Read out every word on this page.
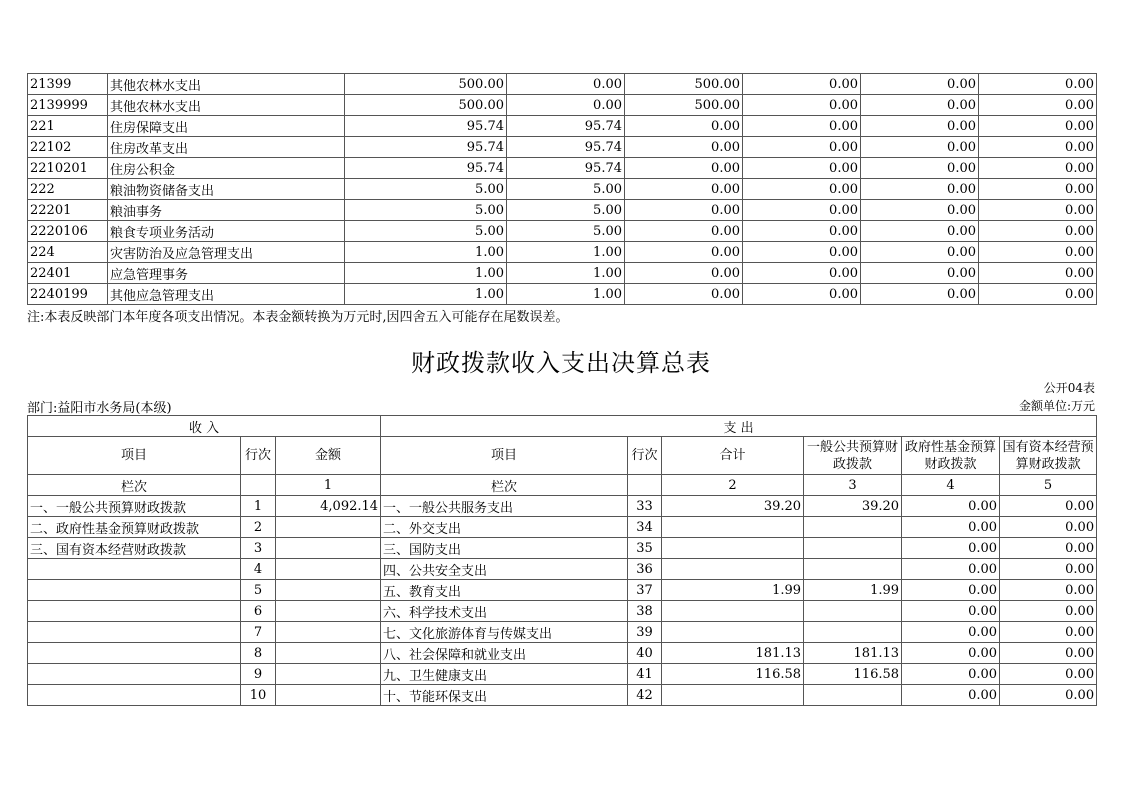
21399	其他农林水支出	500.00	0.00	500.00	0.00	0.00	0.00
2139999	其他农林水支出	500.00	0.00	500.00	0.00	0.00	0.00
221	住房保障支出	95.74	95.74	0.00	0.00	0.00	0.00
22102	住房改革支出	95.74	95.74	0.00	0.00	0.00	0.00
2210201	住房公积金	95.74	95.74	0.00	0.00	0.00	0.00
222	粮油物资储备支出	5.00	5.00	0.00	0.00	0.00	0.00
22201	粮油事务	5.00	5.00	0.00	0.00	0.00	0.00
2220106	粮食专项业务活动	5.00	5.00	0.00	0.00	0.00	0.00
224	灾害防治及应急管理支出	1.00	1.00	0.00	0.00	0.00	0.00
22401	应急管理事务	1.00	1.00	0.00	0.00	0.00	0.00
2240199	其他应急管理支出	1.00	1.00	0.00	0.00	0.00	0.00
注:本表反映部门本年度各项支出情况。本表金额转换为万元时,因四舍五入可能存在尾数误差。
财政拨款收入支出决算总表
公开04表
部门:益阳市水务局(本级)	金额单位:万元
收 入			支 出					
项目	行次	金额	项目	行次	合计	一般公共预算财政拨款	政府性基金预算财政拨款	国有资本经营预算财政拨款
栏次		1	栏次		2	3	4	5
一、一般公共预算财政拨款	1	4,092.14	一、一般公共服务支出	33	39.20	39.20	0.00	0.00
二、政府性基金预算财政拨款	2		二、外交支出	34			0.00	0.00
三、国有资本经营财政拨款	3		三、国防支出	35			0.00	0.00
	4		四、公共安全支出	36			0.00	0.00
	5		五、教育支出	37	1.99	1.99	0.00	0.00
	6		六、科学技术支出	38			0.00	0.00
	7		七、文化旅游体育与传媒支出	39			0.00	0.00
	8		八、社会保障和就业支出	40	181.13	181.13	0.00	0.00
	9		九、卫生健康支出	41	116.58	116.58	0.00	0.00
	10		十、节能环保支出	42			0.00	0.00
